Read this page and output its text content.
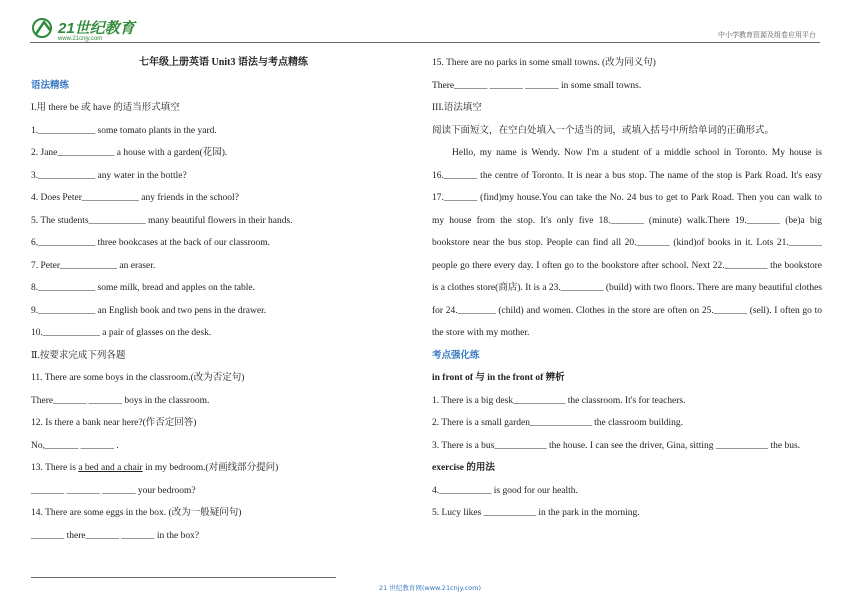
21世纪教育
www.21cnjy.com	中小学教育资源及组卷应用平台
七年级上册英语 Unit3 语法与考点精练
语法精练
I.用 there be 或 have 的适当形式填空
1.____________ some tomato plants in the yard.
2. Jane____________ a house with a garden(花园).
3.____________ any water in the bottle?
4. Does Peter____________ any friends in the school?
5. The students____________ many beautiful flowers in their hands.
6.____________ three bookcases at the back of our classroom.
7. Peter____________ an eraser.
8.____________ some milk, bread and apples on the table.
9.____________ an English book and two pens in the drawer.
10.____________ a pair of glasses on the desk.
Ⅱ.按要求完成下列各题
11. There are some boys in the classroom.(改为否定句)
There_______ _______ boys in the classroom.
12. Is there a bank near here?(作否定回答)
No,_______ _______ .
13. There is a bed and a chair in my bedroom.(对画线部分提问)
_______ _______ _______ your bedroom?
14. There are some eggs in the box. (改为一般疑问句)
_______ there_______ _______ in the box?
15. There are no parks in some small towns. (改为同义句)
There_______ _______ _______ in some small towns.
III.语法填空
阅读下面短文，在空白处填入一个适当的词，或填入括号中所给单词的正确形式。
Hello, my name is Wendy. Now I'm a student of a middle school in Toronto. My house is 16._______ the centre of Toronto. It is near a bus stop. The name of the stop is Park Road. It's easy 17._______ (find)my house.You can take the No. 24 bus to get to Park Road. Then you can walk to my house from the stop. It's only five 18._______ (minute) walk.There 19._______ (be)a big bookstore near the bus stop. People can find all 20._______ (kind)of books in it. Lots 21._______ people go there every day. I often go to the bookstore after school. Next 22._________ the bookstore is a clothes store(商店). It is a 23._________ (build) with two floors. There are many beautiful clothes for 24.________ (child) and women. Clothes in the store are often on 25._______ (sell). I often go to the store with my mother.
考点强化练
in front of 与 in the front of 辨析
1. There is a big desk___________ the classroom. It's for teachers.
2. There is a small garden_____________ the classroom building.
3. There is a bus___________ the house. I can see the driver, Gina, sitting ___________ the bus.
exercise 的用法
4.___________ is good for our health.
5. Lucy likes ___________ in the park in the morning.
21 世纪教育网(www.21cnjy.com)
